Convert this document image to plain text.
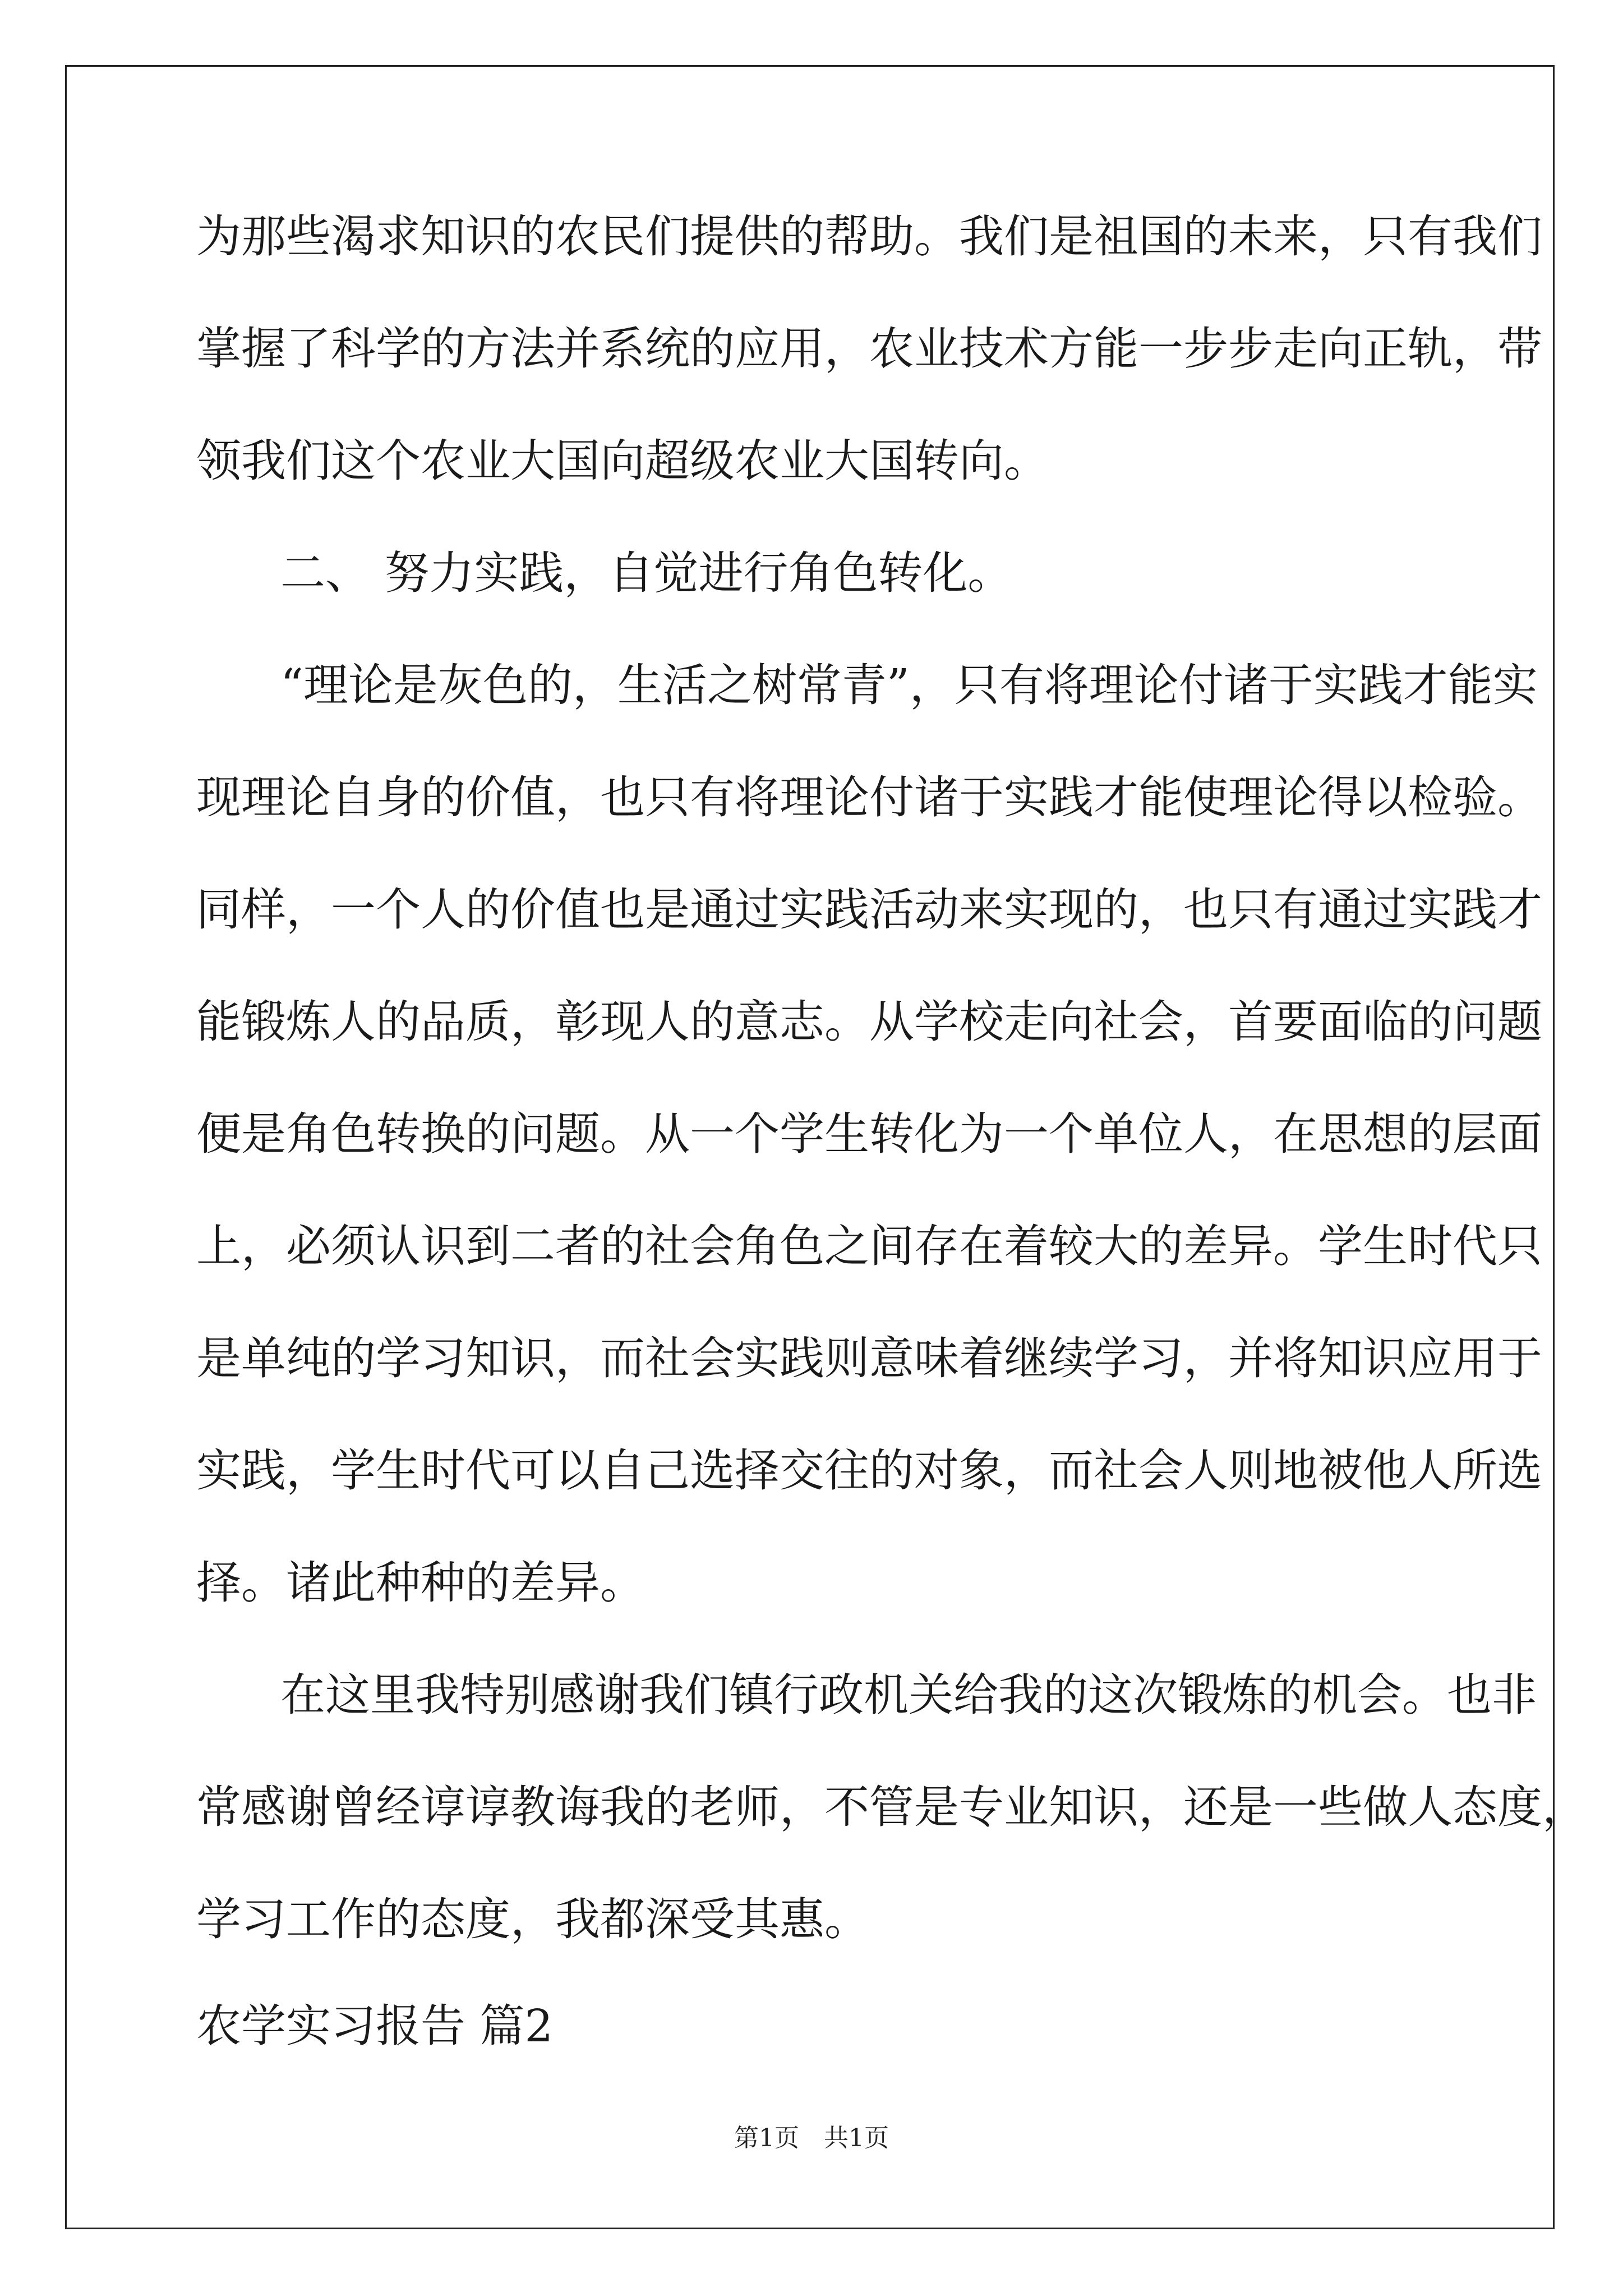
为那些渴求知识的农民们提供的帮助。我们是祖国的未来，只有我们
掌握了科学的方法并系统的应用，农业技术方能一步步走向正轨，带
领我们这个农业大国向超级农业大国转向。
二、 努力实践，自觉进行角色转化。
“理论是灰色的，生活之树常青”，只有将理论付诸于实践才能实
现理论自身的价值，也只有将理论付诸于实践才能使理论得以检验。
同样，一个人的价值也是通过实践活动来实现的，也只有通过实践才
能锻炼人的品质，彰现人的意志。从学校走向社会，首要面临的问题
便是角色转换的问题。从一个学生转化为一个单位人，在思想的层面
上，必须认识到二者的社会角色之间存在着较大的差异。学生时代只
是单纯的学习知识，而社会实践则意味着继续学习，并将知识应用于
实践，学生时代可以自己选择交往的对象，而社会人则地被他人所选
择。诸此种种的差异。
在这里我特别感谢我们镇行政机关给我的这次锻炼的机会。也非
常感谢曾经谆谆教诲我的老师，不管是专业知识，还是一些做人态度，
学习工作的态度，我都深受其惠。
农学实习报告 篇2
第1页　共1页
